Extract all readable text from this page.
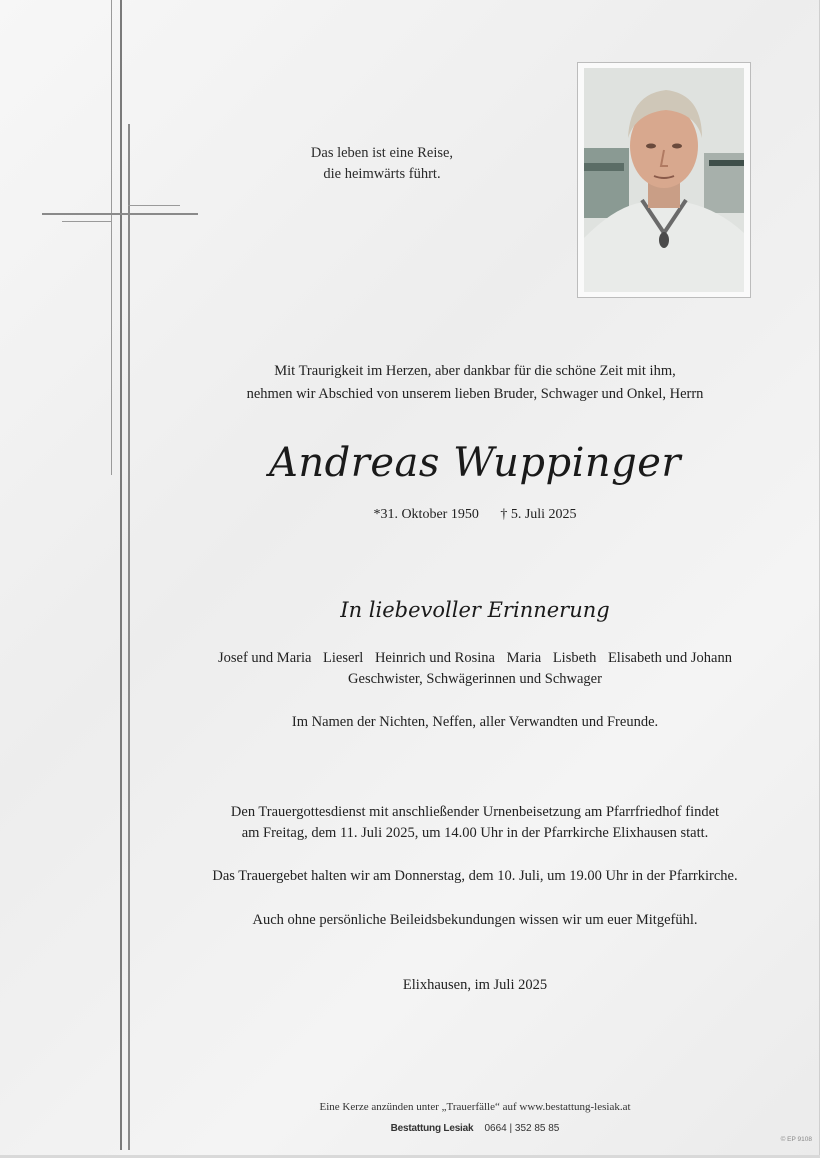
Das leben ist eine Reise,
die heimwärts führt.
Mit Traurigkeit im Herzen, aber dankbar für die schöne Zeit mit ihm,
nehmen wir Abschied von unserem lieben Bruder, Schwager und Onkel, Herrn
Andreas Wuppinger
*31. Oktober 1950 † 5. Juli 2025
In liebevoller Erinnerung
Josef und Maria Lieserl Heinrich und Rosina Maria Lisbeth Elisabeth und Johann
Geschwister, Schwägerinnen und Schwager
Im Namen der Nichten, Neffen, aller Verwandten und Freunde.
Den Trauergottesdienst mit anschließender Urnenbeisetzung am Pfarrfriedhof findet
am Freitag, dem 11. Juli 2025, um 14.00 Uhr in der Pfarrkirche Elixhausen statt.
Das Trauergebet halten wir am Donnerstag, dem 10. Juli, um 19.00 Uhr in der Pfarrkirche.
Auch ohne persönliche Beileidsbekundungen wissen wir um euer Mitgefühl.
Elixhausen, im Juli 2025
Eine Kerze anzünden unter „Trauerfälle“ auf www.bestattung-lesiak.at
Bestattung Lesiak 0664 | 352 85 85
© EP 9108
